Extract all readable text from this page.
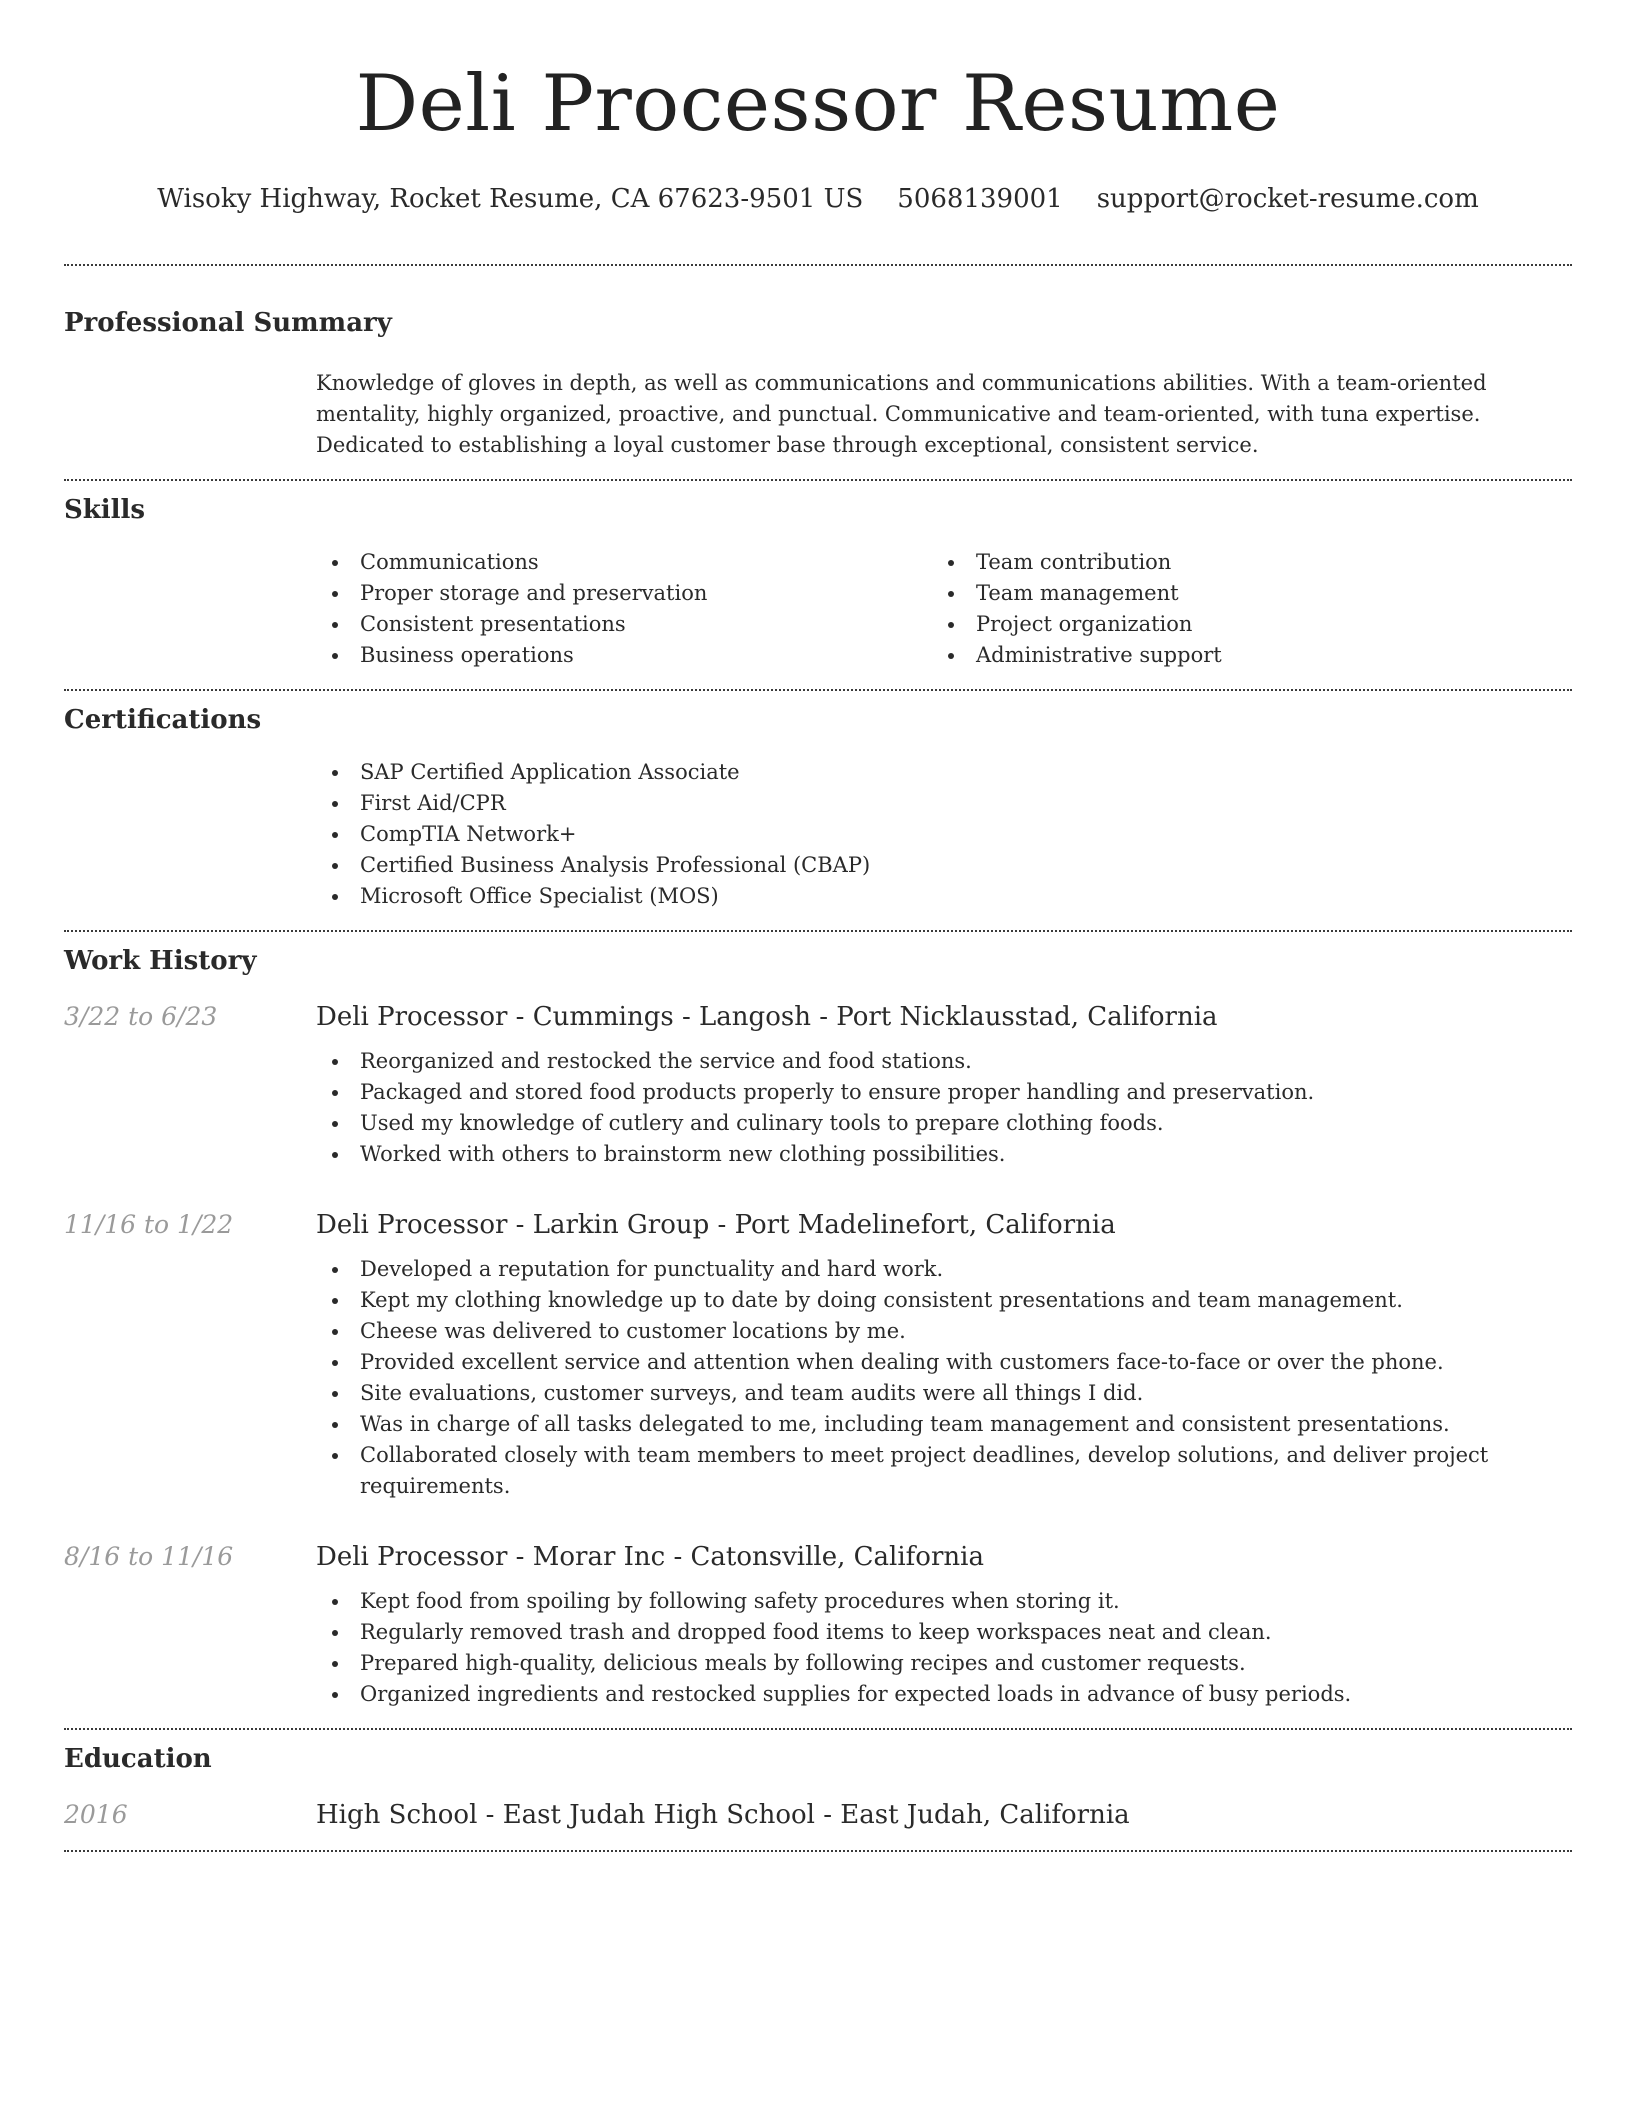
Deli Processor Resume
Wisoky Highway, Rocket Resume, CA 67623-9501 US 5068139001 support@rocket-resume.com
Professional Summary

Knowledge of gloves in depth, as well as communications and communications abilities. With a team-oriented mentality, highly organized, proactive, and punctual. Communicative and team-oriented, with tuna expertise. Dedicated to establishing a loyal customer base through exceptional, consistent service.

Skills
Communications
Proper storage and preservation
Consistent presentations
Business operations
Team contribution
Team management
Project organization
Administrative support
Certifications
SAP Certified Application Associate
First Aid/CPR
CompTIA Network+
Certified Business Analysis Professional (CBAP)
Microsoft Office Specialist (MOS)
Work History
3/22 to 6/23	Deli Processor - Cummings - Langosh - Port Nicklausstad, California
Reorganized and restocked the service and food stations.
Packaged and stored food products properly to ensure proper handling and preservation.
Used my knowledge of cutlery and culinary tools to prepare clothing foods.
Worked with others to brainstorm new clothing possibilities.
11/16 to 1/22	Deli Processor - Larkin Group - Port Madelinefort, California
Developed a reputation for punctuality and hard work.
Kept my clothing knowledge up to date by doing consistent presentations and team management.
Cheese was delivered to customer locations by me.
Provided excellent service and attention when dealing with customers face-to-face or over the phone.
Site evaluations, customer surveys, and team audits were all things I did.
Was in charge of all tasks delegated to me, including team management and consistent presentations.
Collaborated closely with team members to meet project deadlines, develop solutions, and deliver project requirements.
8/16 to 11/16	Deli Processor - Morar Inc - Catonsville, California
Kept food from spoiling by following safety procedures when storing it.
Regularly removed trash and dropped food items to keep workspaces neat and clean.
Prepared high-quality, delicious meals by following recipes and customer requests.
Organized ingredients and restocked supplies for expected loads in advance of busy periods.
Education
2016	High School - East Judah High School - East Judah, California
